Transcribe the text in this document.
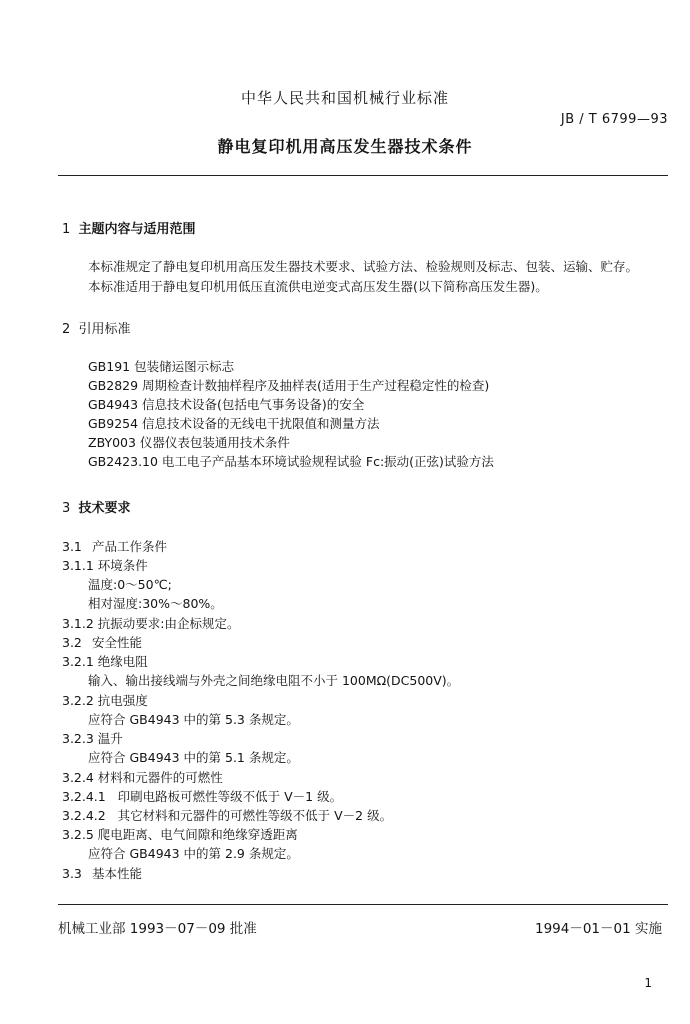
中华人民共和国机械行业标准
JB / T 6799—93
静电复印机用高压发生器技术条件
1 主题内容与适用范围
本标准规定了静电复印机用高压发生器技术要求、试验方法、检验规则及标志、包装、运输、贮存。
本标准适用于静电复印机用低压直流供电逆变式高压发生器(以下简称高压发生器)。
2 引用标准
GB191 包装储运图示标志
GB2829 周期检查计数抽样程序及抽样表(适用于生产过程稳定性的检查)
GB4943 信息技术设备(包括电气事务设备)的安全
GB9254 信息技术设备的无线电干扰限值和测量方法
ZBY003 仪器仪表包装通用技术条件
GB2423.10 电工电子产品基本环境试验规程试验 Fc:振动(正弦)试验方法
3 技术要求
3.1 产品工作条件
3.1.1 环境条件
温度:0～50℃;
相对湿度:30%～80%。
3.1.2 抗振动要求:由企标规定。
3.2 安全性能
3.2.1 绝缘电阻
输入、输出接线端与外壳之间绝缘电阻不小于 100MΩ(DC500V)。
3.2.2 抗电强度
应符合 GB4943 中的第 5.3 条规定。
3.2.3 温升
应符合 GB4943 中的第 5.1 条规定。
3.2.4 材料和元器件的可燃性
3.2.4.1 印刷电路板可燃性等级不低于 V－1 级。
3.2.4.2 其它材料和元器件的可燃性等级不低于 V－2 级。
3.2.5 爬电距离、电气间隙和绝缘穿透距离
应符合 GB4943 中的第 2.9 条规定。
3.3 基本性能
机械工业部 1993－07－09 批准	1994－01－01 实施
1
